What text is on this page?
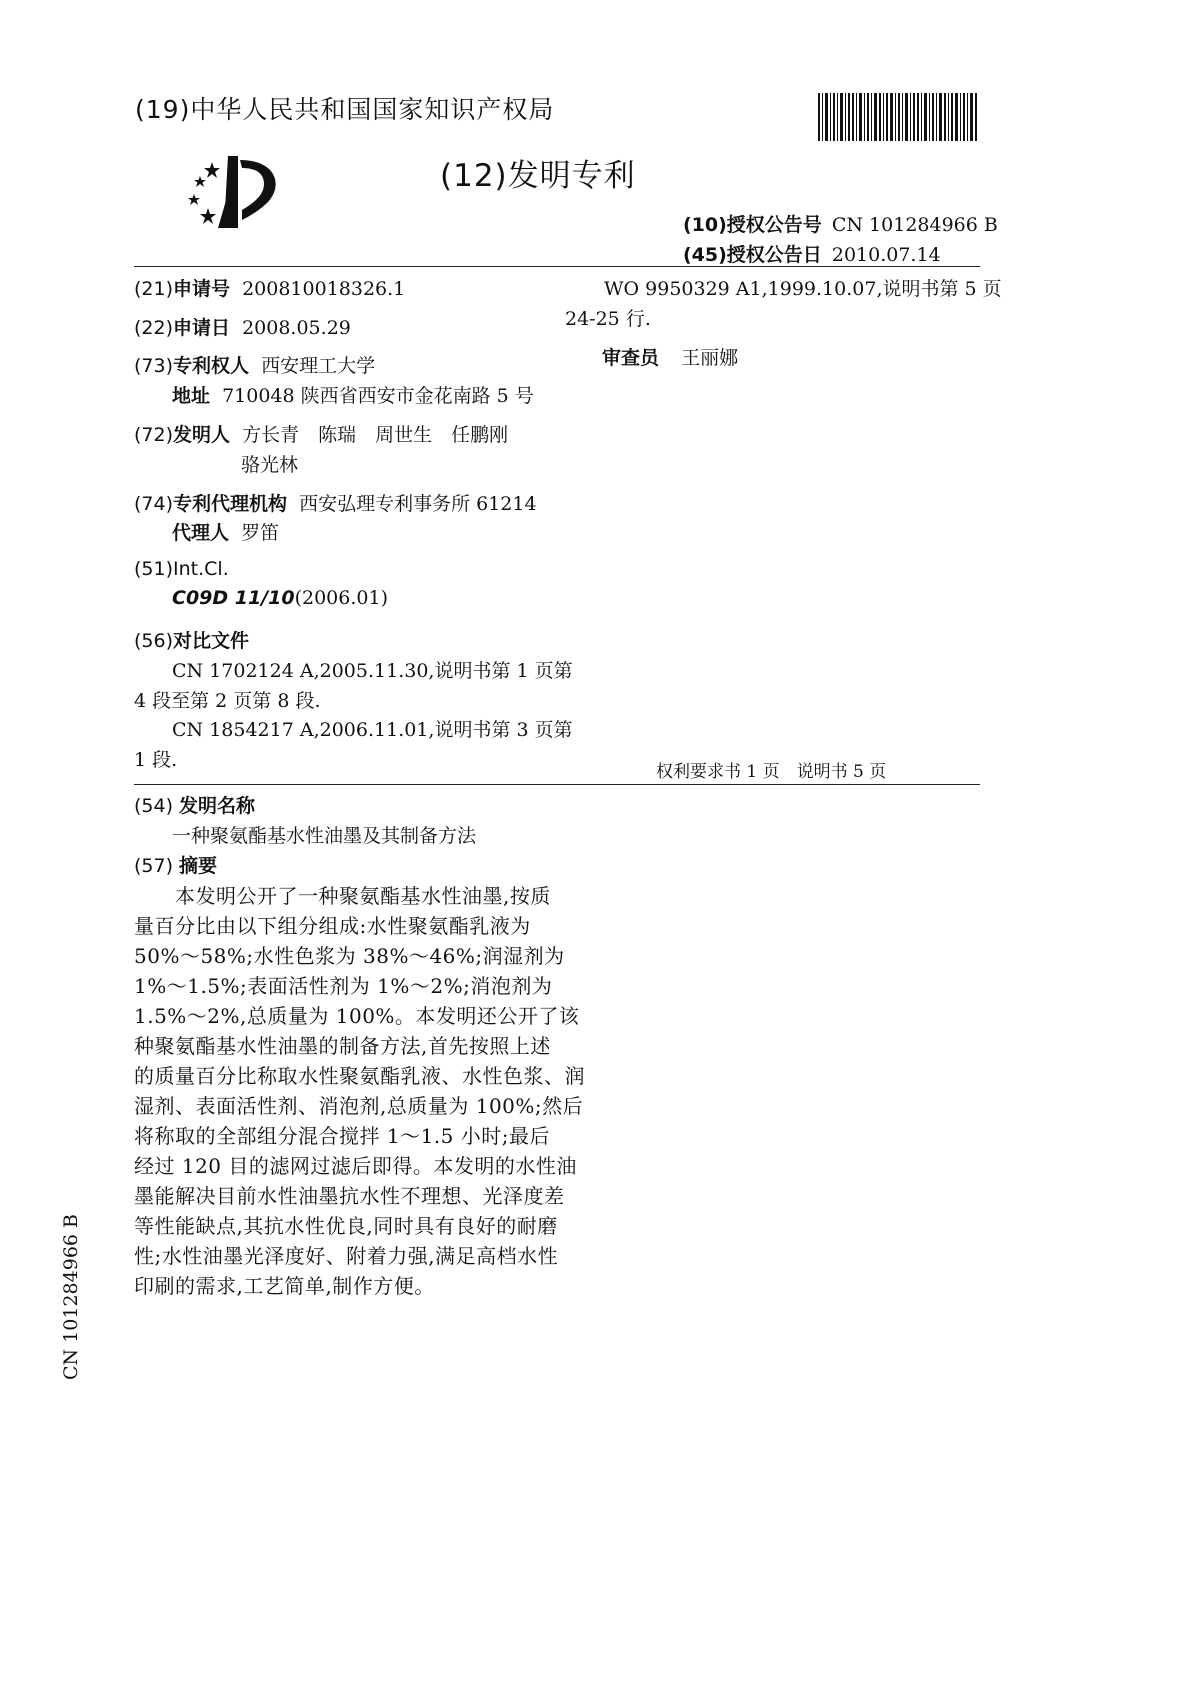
(19)中华人民共和国国家知识产权局
(12)发明专利
(10)授权公告号 CN 101284966 B
(45)授权公告日 2010.07.14
(21)申请号 200810018326.1
(22)申请日 2008.05.29
(73)专利权人 西安理工大学
地址 710048 陕西省西安市金花南路 5 号
(72)发明人 方长青　陈瑞　周世生　任鹏刚
骆光林
(74)专利代理机构 西安弘理专利事务所 61214
代理人 罗笛
(51)Int.Cl.
C09D 11/10(2006.01)
(56)对比文件
CN 1702124 A,2005.11.30,说明书第 1 页第
4 段至第 2 页第 8 段.
CN 1854217 A,2006.11.01,说明书第 3 页第
1 段.
WO 9950329 A1,1999.10.07,说明书第 5 页
24-25 行.
审查员 王丽娜
权利要求书 1 页　说明书 5 页
(54) 发明名称
一种聚氨酯基水性油墨及其制备方法
(57) 摘要
　　本发明公开了一种聚氨酯基水性油墨,按质
量百分比由以下组分组成:水性聚氨酯乳液为
50%～58%;水性色浆为 38%～46%;润湿剂为
1%～1.5%;表面活性剂为 1%～2%;消泡剂为
1.5%～2%,总质量为 100%。本发明还公开了该
种聚氨酯基水性油墨的制备方法,首先按照上述
的质量百分比称取水性聚氨酯乳液、水性色浆、润
湿剂、表面活性剂、消泡剂,总质量为 100%;然后
将称取的全部组分混合搅拌 1～1.5 小时;最后
经过 120 目的滤网过滤后即得。本发明的水性油
墨能解决目前水性油墨抗水性不理想、光泽度差
等性能缺点,其抗水性优良,同时具有良好的耐磨
性;水性油墨光泽度好、附着力强,满足高档水性
印刷的需求,工艺简单,制作方便。
CN 101284966 B
